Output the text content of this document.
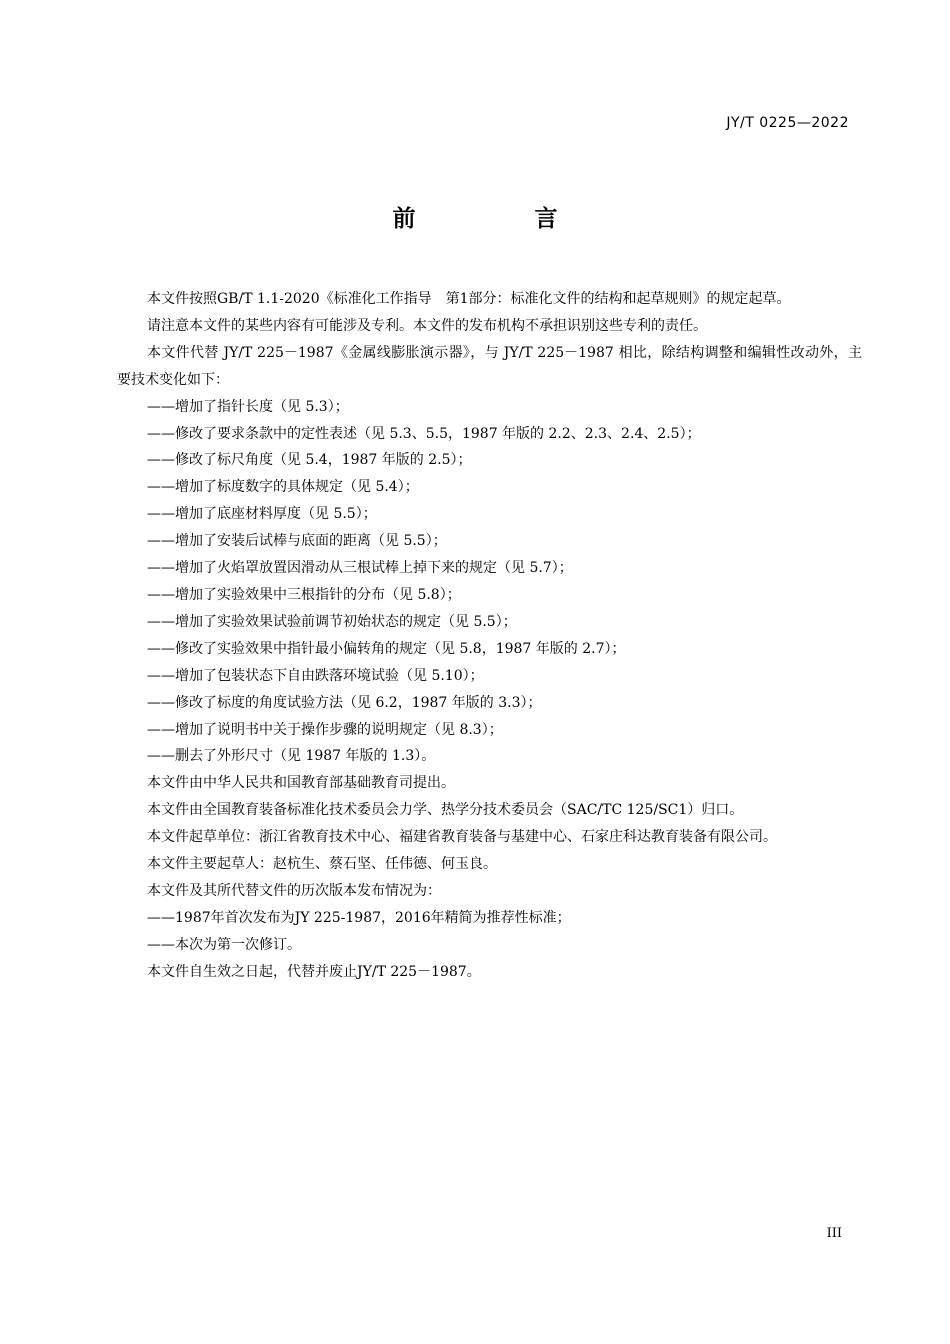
JY/T 0225—2022
前　言

本文件按照GB/T 1.1-2020《标准化工作指导　第1部分：标准化文件的结构和起草规则》的规定起草。

请注意本文件的某些内容有可能涉及专利。本文件的发布机构不承担识别这些专利的责任。

本文件代替 JY/T 225－1987《金属线膨胀演示器》，与 JY/T 225－1987 相比，除结构调整和编辑性改动外，主要技术变化如下：

——增加了指针长度（见 5.3）；

——修改了要求条款中的定性表述（见 5.3、5.5，1987 年版的 2.2、2.3、2.4、2.5）；

——修改了标尺角度（见 5.4，1987 年版的 2.5）；

——增加了标度数字的具体规定（见 5.4）；

——增加了底座材料厚度（见 5.5）；

——增加了安装后试棒与底面的距离（见 5.5）；

——增加了火焰罩放置因滑动从三根试棒上掉下来的规定（见 5.7）；

——增加了实验效果中三根指针的分布（见 5.8）；

——增加了实验效果试验前调节初始状态的规定（见 5.5）；

——修改了实验效果中指针最小偏转角的规定（见 5.8，1987 年版的 2.7）；

——增加了包装状态下自由跌落环境试验（见 5.10）；

——修改了标度的角度试验方法（见 6.2，1987 年版的 3.3）；

——增加了说明书中关于操作步骤的说明规定（见 8.3）；

——删去了外形尺寸（见 1987 年版的 1.3）。

本文件由中华人民共和国教育部基础教育司提出。

本文件由全国教育装备标准化技术委员会力学、热学分技术委员会（SAC/TC 125/SC1）归口。

本文件起草单位：浙江省教育技术中心、福建省教育装备与基建中心、石家庄科达教育装备有限公司。

本文件主要起草人：赵杭生、蔡石坚、任伟德、何玉良。

本文件及其所代替文件的历次版本发布情况为：

——1987年首次发布为JY 225-1987，2016年精简为推荐性标准；

——本次为第一次修订。

本文件自生效之日起，代替并废止JY/T 225－1987。

III
